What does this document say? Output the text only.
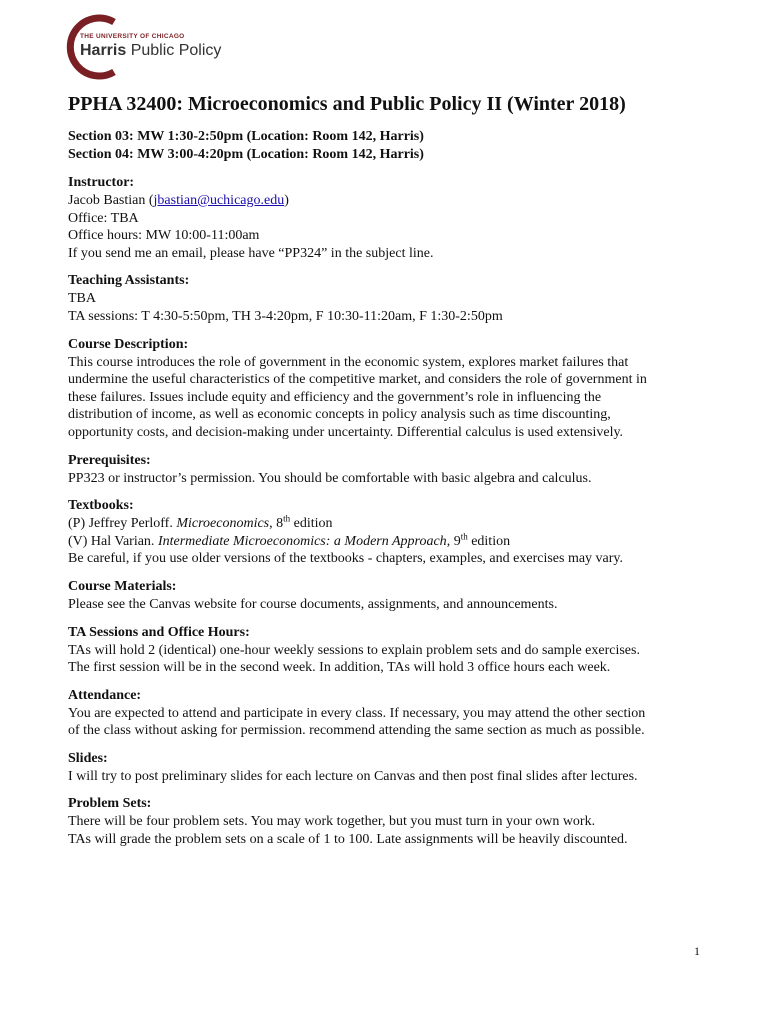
THE UNIVERSITY OF CHICAGO
Harris Public Policy
PPHA 32400: Microeconomics and Public Policy II (Winter 2018)

Section 03: MW 1:30-2:50pm (Location: Room 142, Harris)

Section 04: MW 3:00-4:20pm (Location: Room 142, Harris)

Instructor:

Jacob Bastian (jbastian@uchicago.edu)

Office: TBA

Office hours: MW 10:00-11:00am

If you send me an email, please have “PP324” in the subject line.

Teaching Assistants:

TBA

TA sessions: T 4:30-5:50pm, TH 3-4:20pm, F 10:30-11:20am, F 1:30-2:50pm

Course Description:

This course introduces the role of government in the economic system, explores market failures that

undermine the useful characteristics of the competitive market, and considers the role of government in

these failures. Issues include equity and efficiency and the government’s role in influencing the

distribution of income, as well as economic concepts in policy analysis such as time discounting,

opportunity costs, and decision-making under uncertainty. Differential calculus is used extensively.

Prerequisites:

PP323 or instructor’s permission. You should be comfortable with basic algebra and calculus.

Textbooks:

(P) Jeffrey Perloff. Microeconomics, 8th edition

(V) Hal Varian. Intermediate Microeconomics: a Modern Approach, 9th edition

Be careful, if you use older versions of the textbooks - chapters, examples, and exercises may vary.

Course Materials:

Please see the Canvas website for course documents, assignments, and announcements.

TA Sessions and Office Hours:

TAs will hold 2 (identical) one-hour weekly sessions to explain problem sets and do sample exercises.

The first session will be in the second week. In addition, TAs will hold 3 office hours each week.

Attendance:

You are expected to attend and participate in every class. If necessary, you may attend the other section

of the class without asking for permission. recommend attending the same section as much as possible.

Slides:

I will try to post preliminary slides for each lecture on Canvas and then post final slides after lectures.

Problem Sets:

There will be four problem sets. You may work together, but you must turn in your own work.

TAs will grade the problem sets on a scale of 1 to 100. Late assignments will be heavily discounted.

1
